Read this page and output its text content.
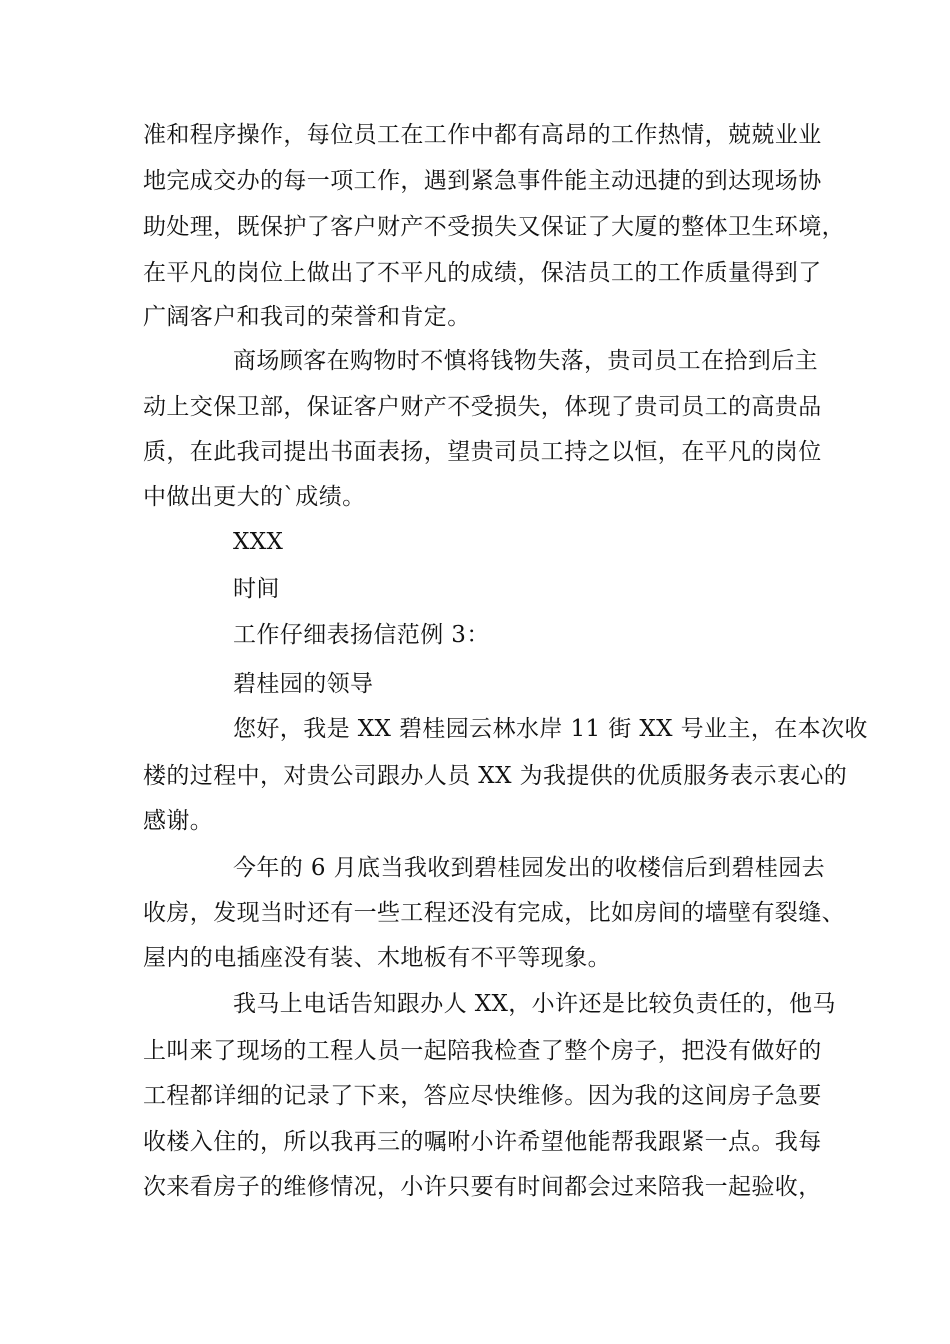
准和程序操作，每位员工在工作中都有高昂的工作热情，兢兢业业
地完成交办的每一项工作，遇到紧急事件能主动迅捷的到达现场协
助处理，既保护了客户财产不受损失又保证了大厦的整体卫生环境，
在平凡的岗位上做出了不平凡的成绩，保洁员工的工作质量得到了
广阔客户和我司的荣誉和肯定。
商场顾客在购物时不慎将钱物失落，贵司员工在拾到后主
动上交保卫部，保证客户财产不受损失，体现了贵司员工的高贵品
质，在此我司提出书面表扬，望贵司员工持之以恒，在平凡的岗位
中做出更大的`成绩。
XXX
时间
工作仔细表扬信范例 3：
碧桂园的领导
您好，我是 XX 碧桂园云林水岸 11 街 XX 号业主，在本次收
楼的过程中，对贵公司跟办人员 XX 为我提供的优质服务表示衷心的
感谢。
今年的 6 月底当我收到碧桂园发出的收楼信后到碧桂园去
收房，发现当时还有一些工程还没有完成，比如房间的墙壁有裂缝、
屋内的电插座没有装、木地板有不平等现象。
我马上电话告知跟办人 XX，小许还是比较负责任的，他马
上叫来了现场的工程人员一起陪我检查了整个房子，把没有做好的
工程都详细的记录了下来，答应尽快维修。因为我的这间房子急要
收楼入住的，所以我再三的嘱咐小许希望他能帮我跟紧一点。我每
次来看房子的维修情况，小许只要有时间都会过来陪我一起验收，
